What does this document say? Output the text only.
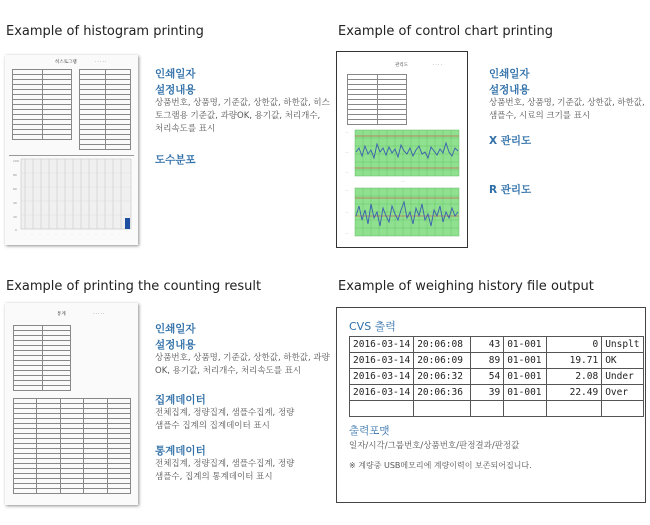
Example of histogram printing
히스토그램	· · · · ·

100
80
60
40
20
0
··	··	··	··	··	··	··	··	··	··	··	··	··
인쇄일자
설정내용
상품번호, 상품명, 기준값, 상한값, 하한값, 히스토그램용 기준값, 과량OK, 용기값, 처리개수, 처리속도를 표시
도수분포
Example of control chart printing
관리도	· · · ·

····
····
····
····
····
····
····
인쇄일자
설정내용
상품번호, 상품명, 기준값, 상한값, 하한값, 샘플수, 시료의 크기를 표시
X 관리도
R 관리도
Example of printing the counting result
통계	· · · · ·

인쇄일자
설정내용
상품번호, 상품명, 기준값, 상한값, 하한값, 과량OK, 용기값, 처리개수, 처리속도를 표시
집계데이터
전체집계, 정량집계, 샘플수집계, 정량샘플수 집계의 집계데이터 표시
통계데이터
전체집계, 정량집계, 샘플수집계, 정량샘플수, 집계의 통계데이터 표시
Example of weighing history file output
CVS 출력
2016-03-14	20:06:08	43	01-001	0	Unsplt
2016-03-14	20:06:09	89	01-001	19.71	OK
2016-03-14	20:06:32	54	01-001	2.08	Under
2016-03-14	20:06:36	39	01-001	22.49	Over

출력포맷
일자/시각/그룹번호/상품번호/판정결과/판정값
※ 계량중 USB메모리에 계량이력이 보존되어집니다.
